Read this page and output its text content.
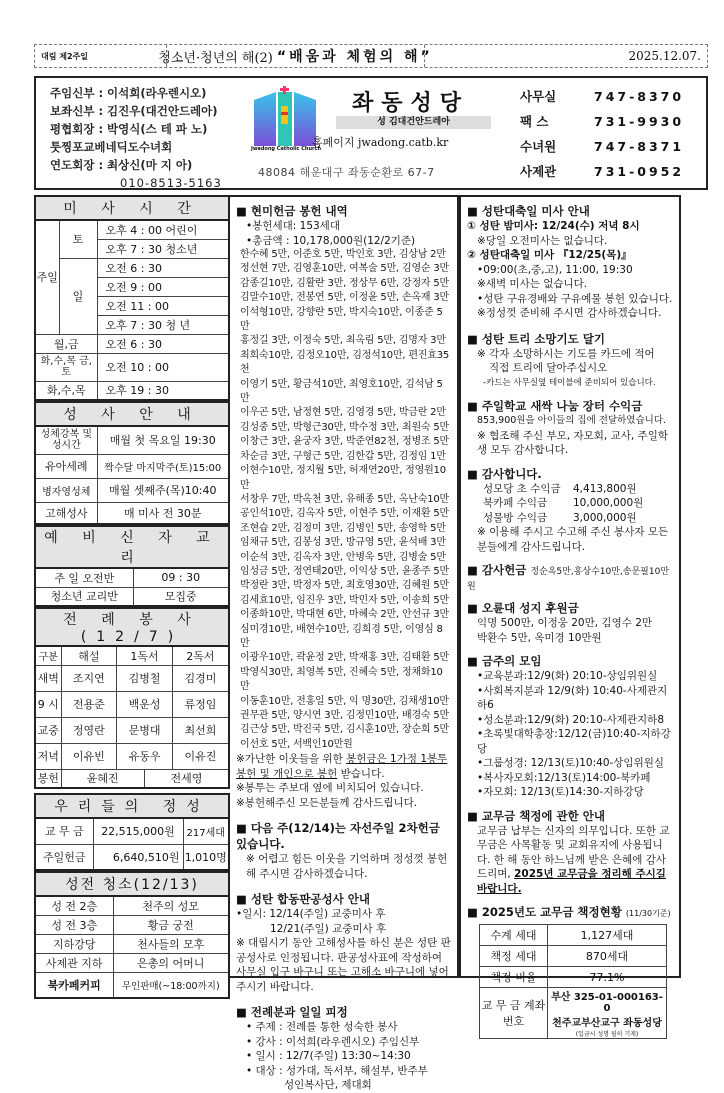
대림 제2주일	청소년·청년의 해(2) “배움과 체험의 해”	2025.12.07.
주임신부 : 이석희(라우렌시오)
보좌신부 : 김진우(대건안드레아)
평협회장 : 박영식(스 테 파 노)
툿찡포교베네딕도수녀회
연도회장 : 최상신(마 지 아)
010-8513-5163
Jwadong Catholic Church
좌동성당
성 김대건안드레아
홈페이지 jwadong.catb.kr
48084 해운대구 좌동순환로 67-7
사무실	747-8370
팩 스	731-9930
수녀원	747-8371
사제관	731-0952
미 사 시 간		
주일	토	오후 4 : 00 어린이
		오후 7 : 30 청소년
	일	오전 6 : 30
		오전 9 : 00
		오전 11 : 00
		오후 7 : 30 청 년
월,금		오전 6 : 30
화,수,목 금,토		오전 10 : 00
화,수,목		오후 19 : 30
성 사 안 내	
성체강복 및 성시간	매월 첫 목요일 19:30
유아세례	짝수달 마지막주(토)15:00
병자영성체	매월 셋째주(목)10:40
고해성사	매 미사 전 30분
예 비 신 자 교 리	
주 일 오전반	09 : 30
청소년 교리반	모집중
전 례 봉 사(12/7)				
구분	해설	1독서		2독서
새벽	조지연	김병철		김경미
9 시	전용준	백운성		류정임
교중	정영란	문병대		최선희
저녁	이유빈	유동우		이유진
봉헌	윤혜진		전세영	
우리들의 정성		
교 무 금	22,515,000원	217세대
주일헌금	6,640,510원	1,010명
성전 청소(12/13)	
성 전 2층	천주의 성모
성 전 3층	황금 궁전
지하강당	천사들의 모후
사제관 지하	은총의 어머니
북카페커피	무인판매(~18:00까지)
■ 현미헌금 봉헌 내역
•봉헌세대: 153세대
•총금액 : 10,178,000원(12/2기준)
한수혜 5만, 이준호 5만, 박인호 3만, 김상남 2만
정선현 7만, 김영훈10만, 여복술 5만, 김영순 3만
감종길10만, 김활란 3만, 정상무 6만, 강정자 5만
김말수10만, 전봉연 5만, 이정윤 5만, 손옥재 3만
이석형10만, 강향란 5만, 박지숙10만, 이종준 5만
홍정길 3만, 이정숙 5만, 최옥림 5만, 김명자 3만
최희숙10만, 김정오10만, 김정석10만, 편진효35천
이영기 5만, 황금석10만, 최영호10만, 김석남 5만
이우곤 5만, 남정현 5만, 김영경 5만, 박금란 2만
김성중 5만, 박형근30만, 박수정 3만, 최원숙 5만
이창근 3만, 윤궁자 3만, 박준연82천, 정병조 5만
차순금 3만, 구형근 5만, 김한갑 5만, 김정임 1만
이현수10만, 정지월 5만, 허재연20만, 정영원10만
서창우 7만, 박옥천 3만, 유해종 5만, 옥난숙10만
공인석10만, 김옥자 5만, 이현주 5만, 이재환 5만
조현습 2만, 김정미 3만, 김병인 5만, 송영학 5만
임채규 5만, 김봉성 3만, 방규영 5만, 윤석배 3만
이순석 3만, 김옥자 3만, 안병욱 5만, 김병술 5만
임성금 5만, 정연태20만, 이익상 5만, 윤종주 5만
박정란 3만, 박정자 5만, 최호영30만, 김혜원 5만
김세효10만, 임진우 3만, 박민자 5만, 이송희 5만
이종화10만, 박대현 6만, 마혜숙 2만, 안선규 3만
심미경10만, 배현수10만, 김희경 5만, 이영심 8만
이광우10만, 곽윤정 2만, 박재홍 3만, 김태환 5만
박영식30만, 최영복 5만, 진혜숙 5만, 정채화10만
이동훈10만, 전홍일 5만, 익 명30만, 김채생10만
권무관 5만, 양시연 3만, 김정민10만, 배경숙 5만
김근상 5만, 박진국 5만, 김시훈10만, 장순희 5만
이선호 5만, 서백인10만원
※가난한 이웃들을 위한 봉헌금은 1가정 1봉투 봉헌 및 개인으로 봉헌 받습니다.
※봉투는 주보대 옆에 비치되어 있습니다.
※봉헌해주신 모든분들께 감사드립니다.
■ 다음 주(12/14)는 자선주일 2차헌금 있습니다.
※ 어렵고 힘든 이웃을 기억하며 정성껏 봉헌해 주시면 감사하겠습니다.
■ 성탄 합동판공성사 안내
•일시: 12/14(주일) 교중미사 후
12/21(주일) 교중미사 후
※ 대림시기 동안 고해성사를 하신 분은 성탄 판공성사로 인정됩니다. 판공성사표에 작성하여 사무실 입구 바구니 또는 고해소 바구니에 넣어주시기 바랍니다.
■ 전례분과 일일 피정
• 주제 : 전례를 통한 성숙한 봉사
• 강사 : 이석희(라우렌시오) 주임신부
• 일시 : 12/7(주일) 13:30~14:30
• 대상 : 성가대, 독서부, 해설부, 반주부
성인복사단, 제대회
■ 성탄대축일 미사 안내
① 성탄 밤미사: 12/24(수) 저녁 8시
※당일 오전미사는 없습니다.
② 성탄대축일 미사 『12/25(목)』
•09:00(초,중,고), 11:00, 19:30
※새벽 미사는 없습니다.
•성탄 구유경배와 구유예물 봉헌 있습니다.
※정성껏 준비해 주시면 감사하겠습니다.
■ 성탄 트리 소망기도 달기
※ 각자 소망하시는 기도를 카드에 적어
직접 트리에 달아주십시오
-카드는 사무실옆 테이블에 준비되어 있습니다.
■ 주일학교 새싹 나눔 장터 수익금
853,900원을 아이들의 집에 전달하였습니다.
※ 협조해 주신 부모, 자모회, 교사, 주일학생 모두 감사합니다.
■ 감사합니다.
성모당 초 수익금	4,413,800원
북카페 수익금	10,000,000원
성물방 수익금	3,000,000원
※ 이용해 주시고 수고해 주신 봉사자 모든 분들에게 감사드립니다.
■ 감사헌금 정순옥5만,홍상수10만,송문필10만원
■ 오륜대 성지 후원금
익명 500만, 이정웅 20만, 김영수 2만
박환수 5만, 옥미경 10만원
■ 금주의 모임
•교육분과:12/9(화) 20:10-상임위원실
•사회복지분과 12/9(화) 10:40-사제관지하6
•성소분과:12/9(화) 20:10-사제관지하8
•초록빛대학총장:12/12(금)10:40-지하강당
•그룹성경: 12/13(토)10:40-상임위원실
•복사자모회:12/13(토)14:00-북카페
•자모회: 12/13(토)14:30-지하강당
■ 교무금 책정에 관한 안내
교무금 납부는 신자의 의무입니다. 또한 교무금은 사목활동 및 교회유지에 사용됩니다. 한 해 동안 하느님께 받은 은혜에 감사드리며, 2025년 교무금을 정리해 주시길 바랍니다.
■ 2025년도 교무금 책정현황 (11/30기준)
수계 세대	1,127세대
책정 세대	870세대
책정 비율	77.1%
교 무 금 계좌번호	부산 325-01-000163-0
천주교부산교구 좌동성당
(입금시 성명 필히 기재)
